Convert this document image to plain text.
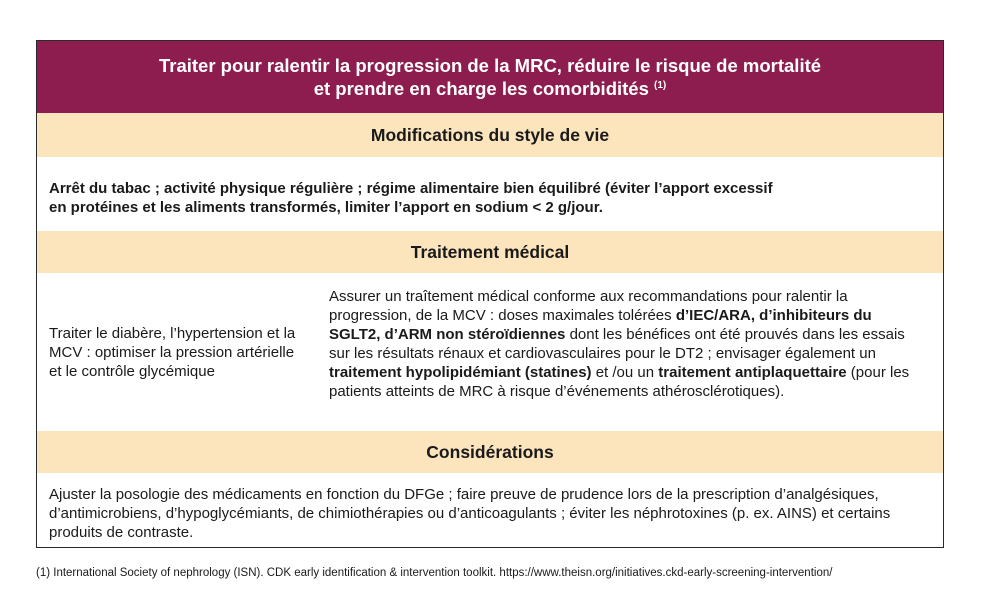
Traiter pour ralentir la progression de la MRC, réduire le risque de mortalité
et prendre en charge les comorbidités $^{(1)}$
Modifications du style de vie
Arrêt du tabac ; activité physique régulière ; régime alimentaire bien équilibré (éviter l’apport excessif
en protéines et les aliments transformés, limiter l’apport en sodium < 2 g/jour.
Traitement médical
Traiter le diabère, l’hypertension et la MCV : optimiser la pression artérielle et le contrôle glycémique
Assurer un traîtement médical conforme aux recommandations pour ralentir la progression, de la MCV : doses maximales tolérées d’IEC/ARA, d’inhibiteurs du SGLT2, d’ARM non stéroïdiennes dont les bénéfices ont été prouvés dans les essais sur les résultats rénaux et cardiovasculaires pour le DT2 ; envisager également un traitement hypolipidémiant (statines) et /ou un traitement antiplaquettaire (pour les patients atteints de MRC à risque d’événements athérosclérotiques).
Considérations
Ajuster la posologie des médicaments en fonction du DFGe ; faire preuve de prudence lors de la prescription d’analgésiques, d’antimicrobiens, d’hypoglycémiants, de chimiothérapies ou d’anticoagulants ; éviter les néphrotoxines (p. ex. AINS) et certains produits de contraste.
(1) International Society of nephrology (ISN). CDK early identification & intervention toolkit. https://www.theisn.org/initiatives.ckd-early-screening-intervention/
